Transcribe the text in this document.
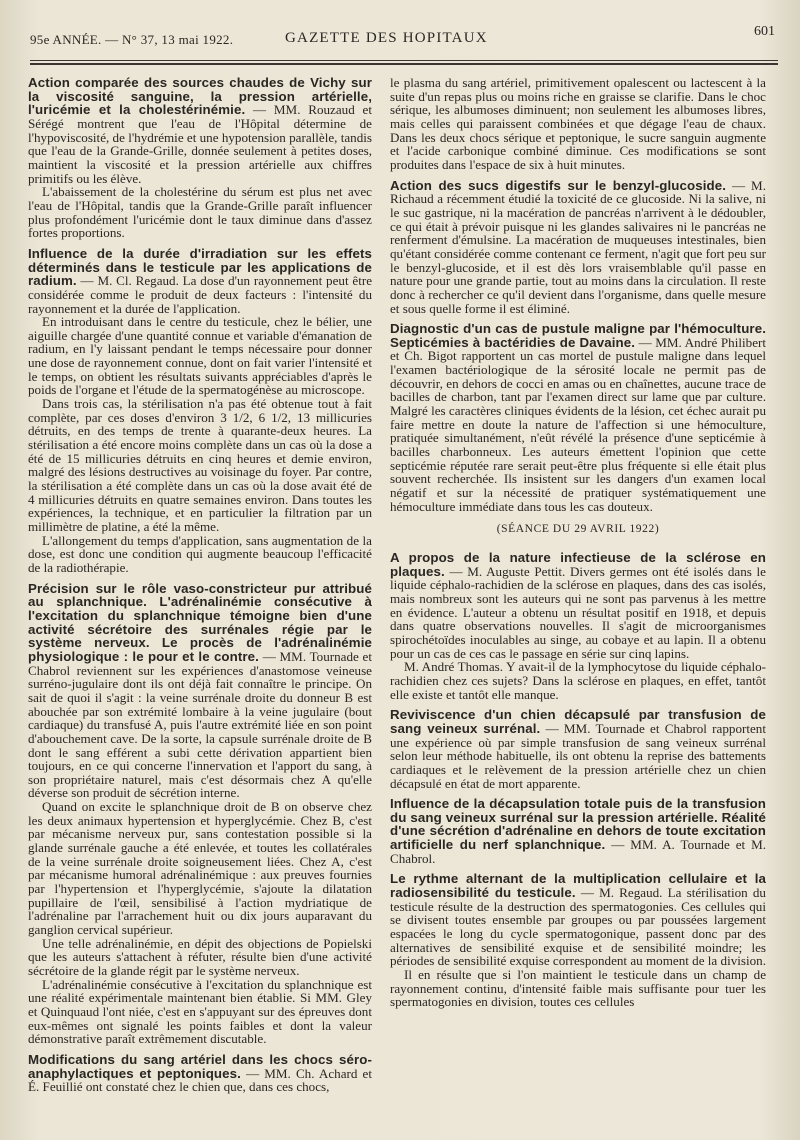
95e ANNÉE. — N° 37, 13 mai 1922.	GAZETTE DES HOPITAUX	601

Action comparée des sources chaudes de Vichy sur la viscosité sanguine, la pression artérielle, l'uricémie et la cholestérinémie. — MM. Rouzaud et Sérégé montrent que l'eau de l'Hôpital détermine de l'hypoviscosité, de l'hydrémie et une hypotension parallèle, tandis que l'eau de la Grande-Grille, donnée seulement à petites doses, maintient la viscosité et la pression artérielle aux chiffres primitifs ou les élève.

L'abaissement de la cholestérine du sérum est plus net avec l'eau de l'Hôpital, tandis que la Grande-Grille paraît influencer plus profondément l'uricémie dont le taux diminue dans d'assez fortes proportions.

Influence de la durée d'irradiation sur les effets déterminés dans le testicule par les applications de radium. — M. Cl. Regaud. La dose d'un rayonnement peut être considérée comme le produit de deux facteurs : l'intensité du rayonnement et la durée de l'application.

En introduisant dans le centre du testicule, chez le bélier, une aiguille chargée d'une quantité connue et variable d'émanation de radium, en l'y laissant pendant le temps nécessaire pour donner une dose de rayonnement connue, dont on fait varier l'intensité et le temps, on obtient les résultats suivants appréciables d'après le poids de l'organe et l'étude de la spermatogénèse au microscope.

Dans trois cas, la stérilisation n'a pas été obtenue tout à fait complète, par ces doses d'environ 3 1/2, 6 1/2, 13 millicuries détruits, en des temps de trente à quarante-deux heures. La stérilisation a été encore moins complète dans un cas où la dose a été de 15 millicuries détruits en cinq heures et demie environ, malgré des lésions destructives au voisinage du foyer. Par contre, la stérilisation a été complète dans un cas où la dose avait été de 4 millicuries détruits en quatre semaines environ. Dans toutes les expériences, la technique, et en particulier la filtration par un millimètre de platine, a été la même.

L'allongement du temps d'application, sans augmentation de la dose, est donc une condition qui augmente beaucoup l'efficacité de la radiothérapie.

Précision sur le rôle vaso-constricteur pur attribué au splanchnique. L'adrénalinémie consécutive à l'excitation du splanchnique témoigne bien d'une activité sécrétoire des surrénales régie par le système nerveux. Le procès de l'adrénalinémie physiologique : le pour et le contre. — MM. Tournade et Chabrol reviennent sur les expériences d'anastomose veineuse surréno-jugulaire dont ils ont déjà fait connaître le principe. On sait de quoi il s'agit : la veine surrénale droite du donneur B est abouchée par son extrémité lombaire à la veine jugulaire (bout cardiaque) du transfusé A, puis l'autre extrémité liée en son point d'abouchement cave. De la sorte, la capsule surrénale droite de B dont le sang efférent a subi cette dérivation appartient bien toujours, en ce qui concerne l'innervation et l'apport du sang, à son propriétaire naturel, mais c'est désormais chez A qu'elle déverse son produit de sécrétion interne.

Quand on excite le splanchnique droit de B on observe chez les deux animaux hypertension et hyperglycémie. Chez B, c'est par mécanisme nerveux pur, sans contestation possible si la glande surrénale gauche a été enlevée, et toutes les collatérales de la veine surrénale droite soigneusement liées. Chez A, c'est par mécanisme humoral adrénalinémique : aux preuves fournies par l'hypertension et l'hyperglycémie, s'ajoute la dilatation pupillaire de l'œil, sensibilisé à l'action mydriatique de l'adrénaline par l'arrachement huit ou dix jours auparavant du ganglion cervical supérieur.

Une telle adrénalinémie, en dépit des objections de Popielski que les auteurs s'attachent à réfuter, résulte bien d'une activité sécrétoire de la glande régit par le système nerveux.

L'adrénalinémie consécutive à l'excitation du splanchnique est une réalité expérimentale maintenant bien établie. Si MM. Gley et Quinquaud l'ont niée, c'est en s'appuyant sur des épreuves dont eux-mêmes ont signalé les points faibles et dont la valeur démonstrative paraît extrêmement discutable.

Modifications du sang artériel dans les chocs séro-anaphylactiques et peptoniques. — MM. Ch. Achard et É. Feuillié ont constaté chez le chien que, dans ces chocs,

le plasma du sang artériel, primitivement opalescent ou lactescent à la suite d'un repas plus ou moins riche en graisse se clarifie. Dans le choc sérique, les albumoses diminuent; non seulement les albumoses libres, mais celles qui paraissent combinées et que dégage l'eau de chaux. Dans les deux chocs sérique et peptonique, le sucre sanguin augmente et l'acide carbonique combiné diminue. Ces modifications se sont produites dans l'espace de six à huit minutes.

Action des sucs digestifs sur le benzyl-glucoside. — M. Richaud a récemment étudié la toxicité de ce glucoside. Ni la salive, ni le suc gastrique, ni la macération de pancréas n'arrivent à le dédoubler, ce qui était à prévoir puisque ni les glandes salivaires ni le pancréas ne renferment d'émulsine. La macération de muqueuses intestinales, bien qu'étant considérée comme contenant ce ferment, n'agit que fort peu sur le benzyl-glucoside, et il est dès lors vraisemblable qu'il passe en nature pour une grande partie, tout au moins dans la circulation. Il reste donc à rechercher ce qu'il devient dans l'organisme, dans quelle mesure et sous quelle forme il est éliminé.

Diagnostic d'un cas de pustule maligne par l'hémoculture. Septicémies à bactéridies de Davaine. — MM. André Philibert et Ch. Bigot rapportent un cas mortel de pustule maligne dans lequel l'examen bactériologique de la sérosité locale ne permit pas de découvrir, en dehors de cocci en amas ou en chaînettes, aucune trace de bacilles de charbon, tant par l'examen direct sur lame que par culture. Malgré les caractères cliniques évidents de la lésion, cet échec aurait pu faire mettre en doute la nature de l'affection si une hémoculture, pratiquée simultanément, n'eût révélé la présence d'une septicémie à bacilles charbonneux. Les auteurs émettent l'opinion que cette septicémie réputée rare serait peut-être plus fréquente si elle était plus souvent recherchée. Ils insistent sur les dangers d'un examen local négatif et sur la nécessité de pratiquer systématiquement une hémoculture immédiate dans tous les cas douteux.

(SÉANCE DU 29 AVRIL 1922)

A propos de la nature infectieuse de la sclérose en plaques. — M. Auguste Pettit. Divers germes ont été isolés dans le liquide céphalo-rachidien de la sclérose en plaques, dans des cas isolés, mais nombreux sont les auteurs qui ne sont pas parvenus à les mettre en évidence. L'auteur a obtenu un résultat positif en 1918, et depuis dans quatre observations nouvelles. Il s'agit de microorganismes spirochétoïdes inoculables au singe, au cobaye et au lapin. Il a obtenu pour un cas de ces cas le passage en série sur cinq lapins.

M. André Thomas. Y avait-il de la lymphocytose du liquide céphalo-rachidien chez ces sujets? Dans la sclérose en plaques, en effet, tantôt elle existe et tantôt elle manque.

Reviviscence d'un chien décapsulé par transfusion de sang veineux surrénal. — MM. Tournade et Chabrol rapportent une expérience où par simple transfusion de sang veineux surrénal selon leur méthode habituelle, ils ont obtenu la reprise des battements cardiaques et le relèvement de la pression artérielle chez un chien décapsulé en état de mort apparente.

Influence de la décapsulation totale puis de la transfusion du sang veineux surrénal sur la pression artérielle. Réalité d'une sécrétion d'adrénaline en dehors de toute excitation artificielle du nerf splanchnique. — MM. A. Tournade et M. Chabrol.

Le rythme alternant de la multiplication cellulaire et la radiosensibilité du testicule. — M. Regaud. La stérilisation du testicule résulte de la destruction des spermatogonies. Ces cellules qui se divisent toutes ensemble par groupes ou par poussées largement espacées le long du cycle spermatogonique, passent donc par des alternatives de sensibilité exquise et de sensibilité moindre; les périodes de sensibilité exquise correspondent au moment de la division.

Il en résulte que si l'on maintient le testicule dans un champ de rayonnement continu, d'intensité faible mais suffisante pour tuer les spermatogonies en division, toutes ces cellules
